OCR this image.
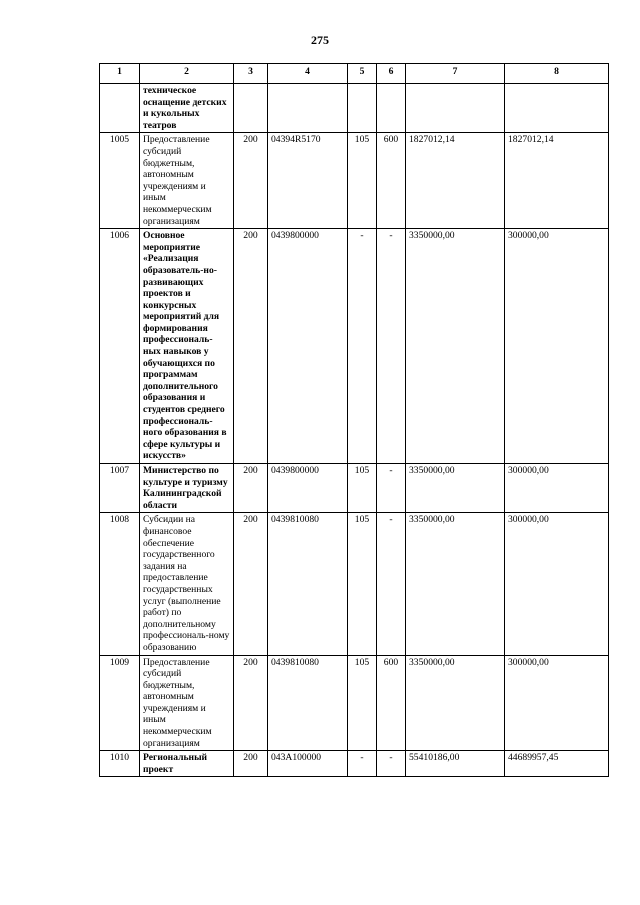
275
1	2	3	4	5	6	7	8
	техническое оснащение детских и кукольных театров						
1005	Предоставление субсидий бюджетным, автономным учреждениям и иным некоммерческим организациям	200	04394R5170	105	600	1827012,14	1827012,14
1006	Основное мероприятие «Реализация образователь-но-развивающих проектов и конкурсных мероприятий для формирования профессиональ-ных навыков у обучающихся по программам дополнительного образования и студентов среднего профессиональ-ного образования в сфере культуры и искусств»	200	0439800000	-	-	3350000,00	300000,00
1007	Министерство по культуре и туризму Калининградской области	200	0439800000	105	-	3350000,00	300000,00
1008	Субсидии на финансовое обеспечение государственного задания на предоставление государственных услуг (выполнение работ) по дополнительному профессиональ-ному образованию	200	0439810080	105	-	3350000,00	300000,00
1009	Предоставление субсидий бюджетным, автономным учреждениям и иным некоммерческим организациям	200	0439810080	105	600	3350000,00	300000,00
1010	Региональный проект	200	043A100000	-	-	55410186,00	44689957,45
